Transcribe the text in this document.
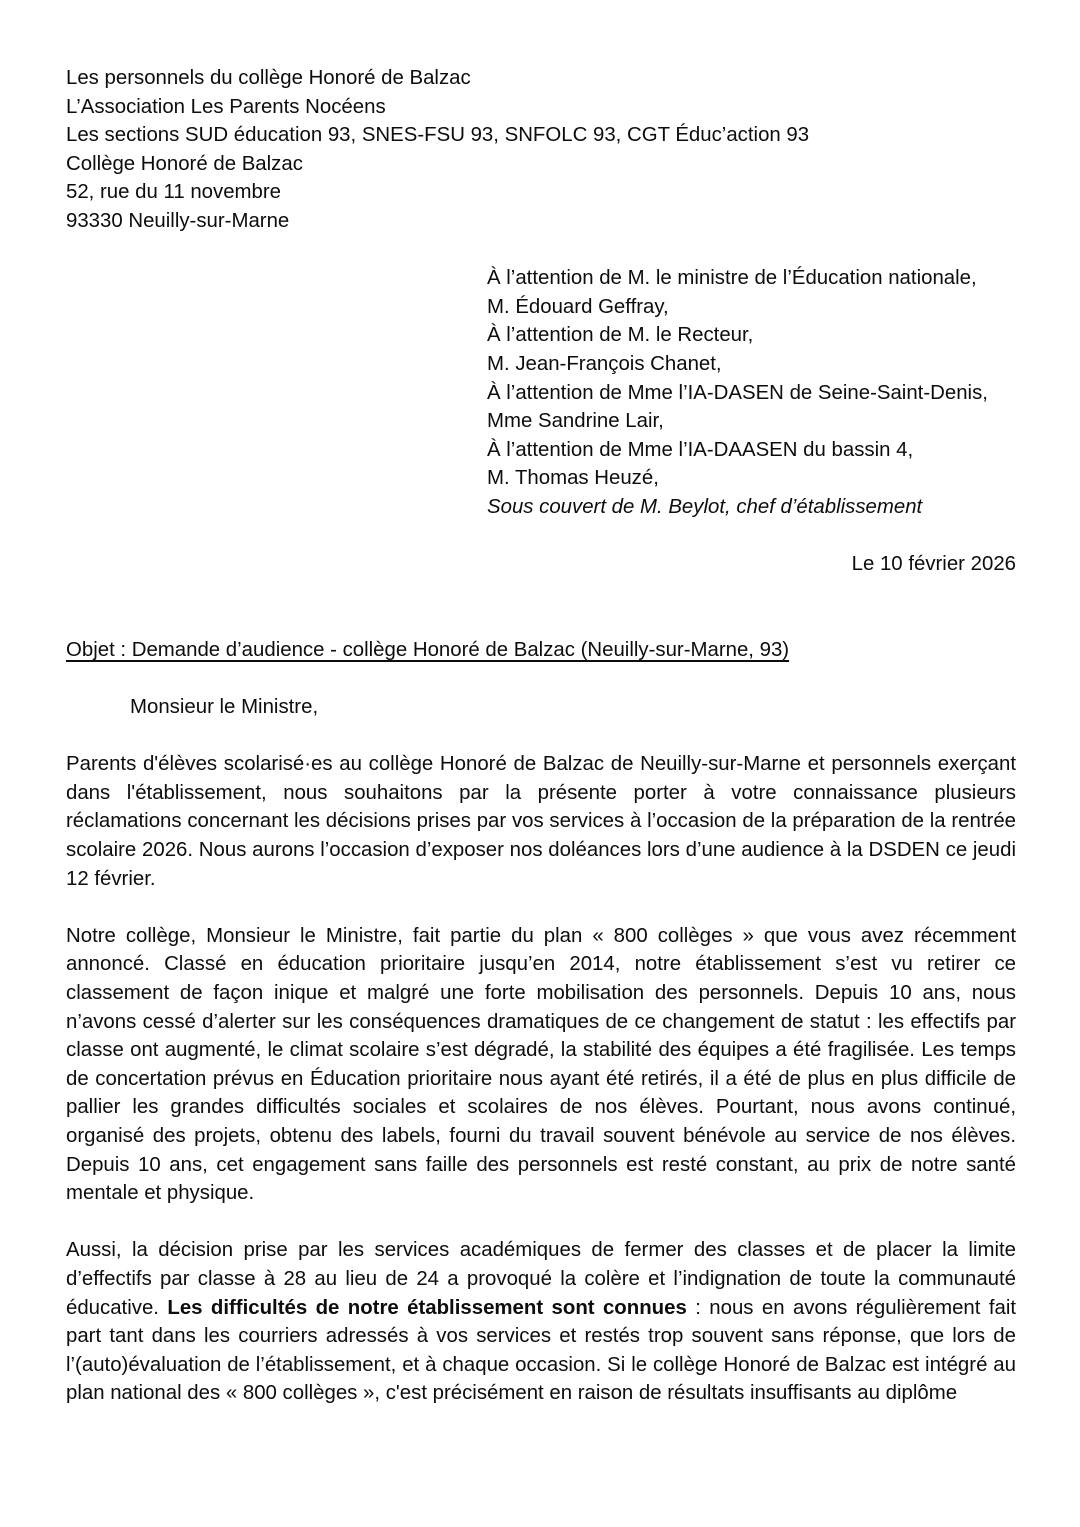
Les personnels du collège Honoré de Balzac
L’Association Les Parents Nocéens
Les sections SUD éducation 93, SNES-FSU 93, SNFOLC 93, CGT Éduc’action 93
Collège Honoré de Balzac
52, rue du 11 novembre
93330 Neuilly-sur-Marne
À l’attention de M. le ministre de l’Éducation nationale,
M. Édouard Geffray,
À l’attention de M. le Recteur,
M. Jean-François Chanet,
À l’attention de Mme l’IA-DASEN de Seine-Saint-Denis,
Mme Sandrine Lair,
À l’attention de Mme l’IA-DAASEN du bassin 4,
M. Thomas Heuzé,
Sous couvert de M. Beylot, chef d’établissement
Le 10 février 2026
Objet : Demande d’audience - collège Honoré de Balzac (Neuilly-sur-Marne, 93)
Monsieur le Ministre,
Parents d'élèves scolarisé·es au collège Honoré de Balzac de Neuilly-sur-Marne et personnels exerçant dans l'établissement, nous souhaitons par la présente porter à votre connaissance plusieurs réclamations concernant les décisions prises par vos services à l’occasion de la préparation de la rentrée scolaire 2026. Nous aurons l’occasion d’exposer nos doléances lors d’une audience à la DSDEN ce jeudi 12 février.
Notre collège, Monsieur le Ministre, fait partie du plan « 800 collèges » que vous avez récemment annoncé. Classé en éducation prioritaire jusqu’en 2014, notre établissement s’est vu retirer ce classement de façon inique et malgré une forte mobilisation des personnels. Depuis 10 ans, nous n’avons cessé d’alerter sur les conséquences dramatiques de ce changement de statut : les effectifs par classe ont augmenté, le climat scolaire s’est dégradé, la stabilité des équipes a été fragilisée. Les temps de concertation prévus en Éducation prioritaire nous ayant été retirés, il a été de plus en plus difficile de pallier les grandes difficultés sociales et scolaires de nos élèves. Pourtant, nous avons continué, organisé des projets, obtenu des labels, fourni du travail souvent bénévole au service de nos élèves. Depuis 10 ans, cet engagement sans faille des personnels est resté constant, au prix de notre santé mentale et physique.
Aussi, la décision prise par les services académiques de fermer des classes et de placer la limite d’effectifs par classe à 28 au lieu de 24 a provoqué la colère et l’indignation de toute la communauté éducative. Les difficultés de notre établissement sont connues : nous en avons régulièrement fait part tant dans les courriers adressés à vos services et restés trop souvent sans réponse, que lors de l’(auto)évaluation de l’établissement, et à chaque occasion. Si le collège Honoré de Balzac est intégré au plan national des « 800 collèges », c'est précisément en raison de résultats insuffisants au diplôme
